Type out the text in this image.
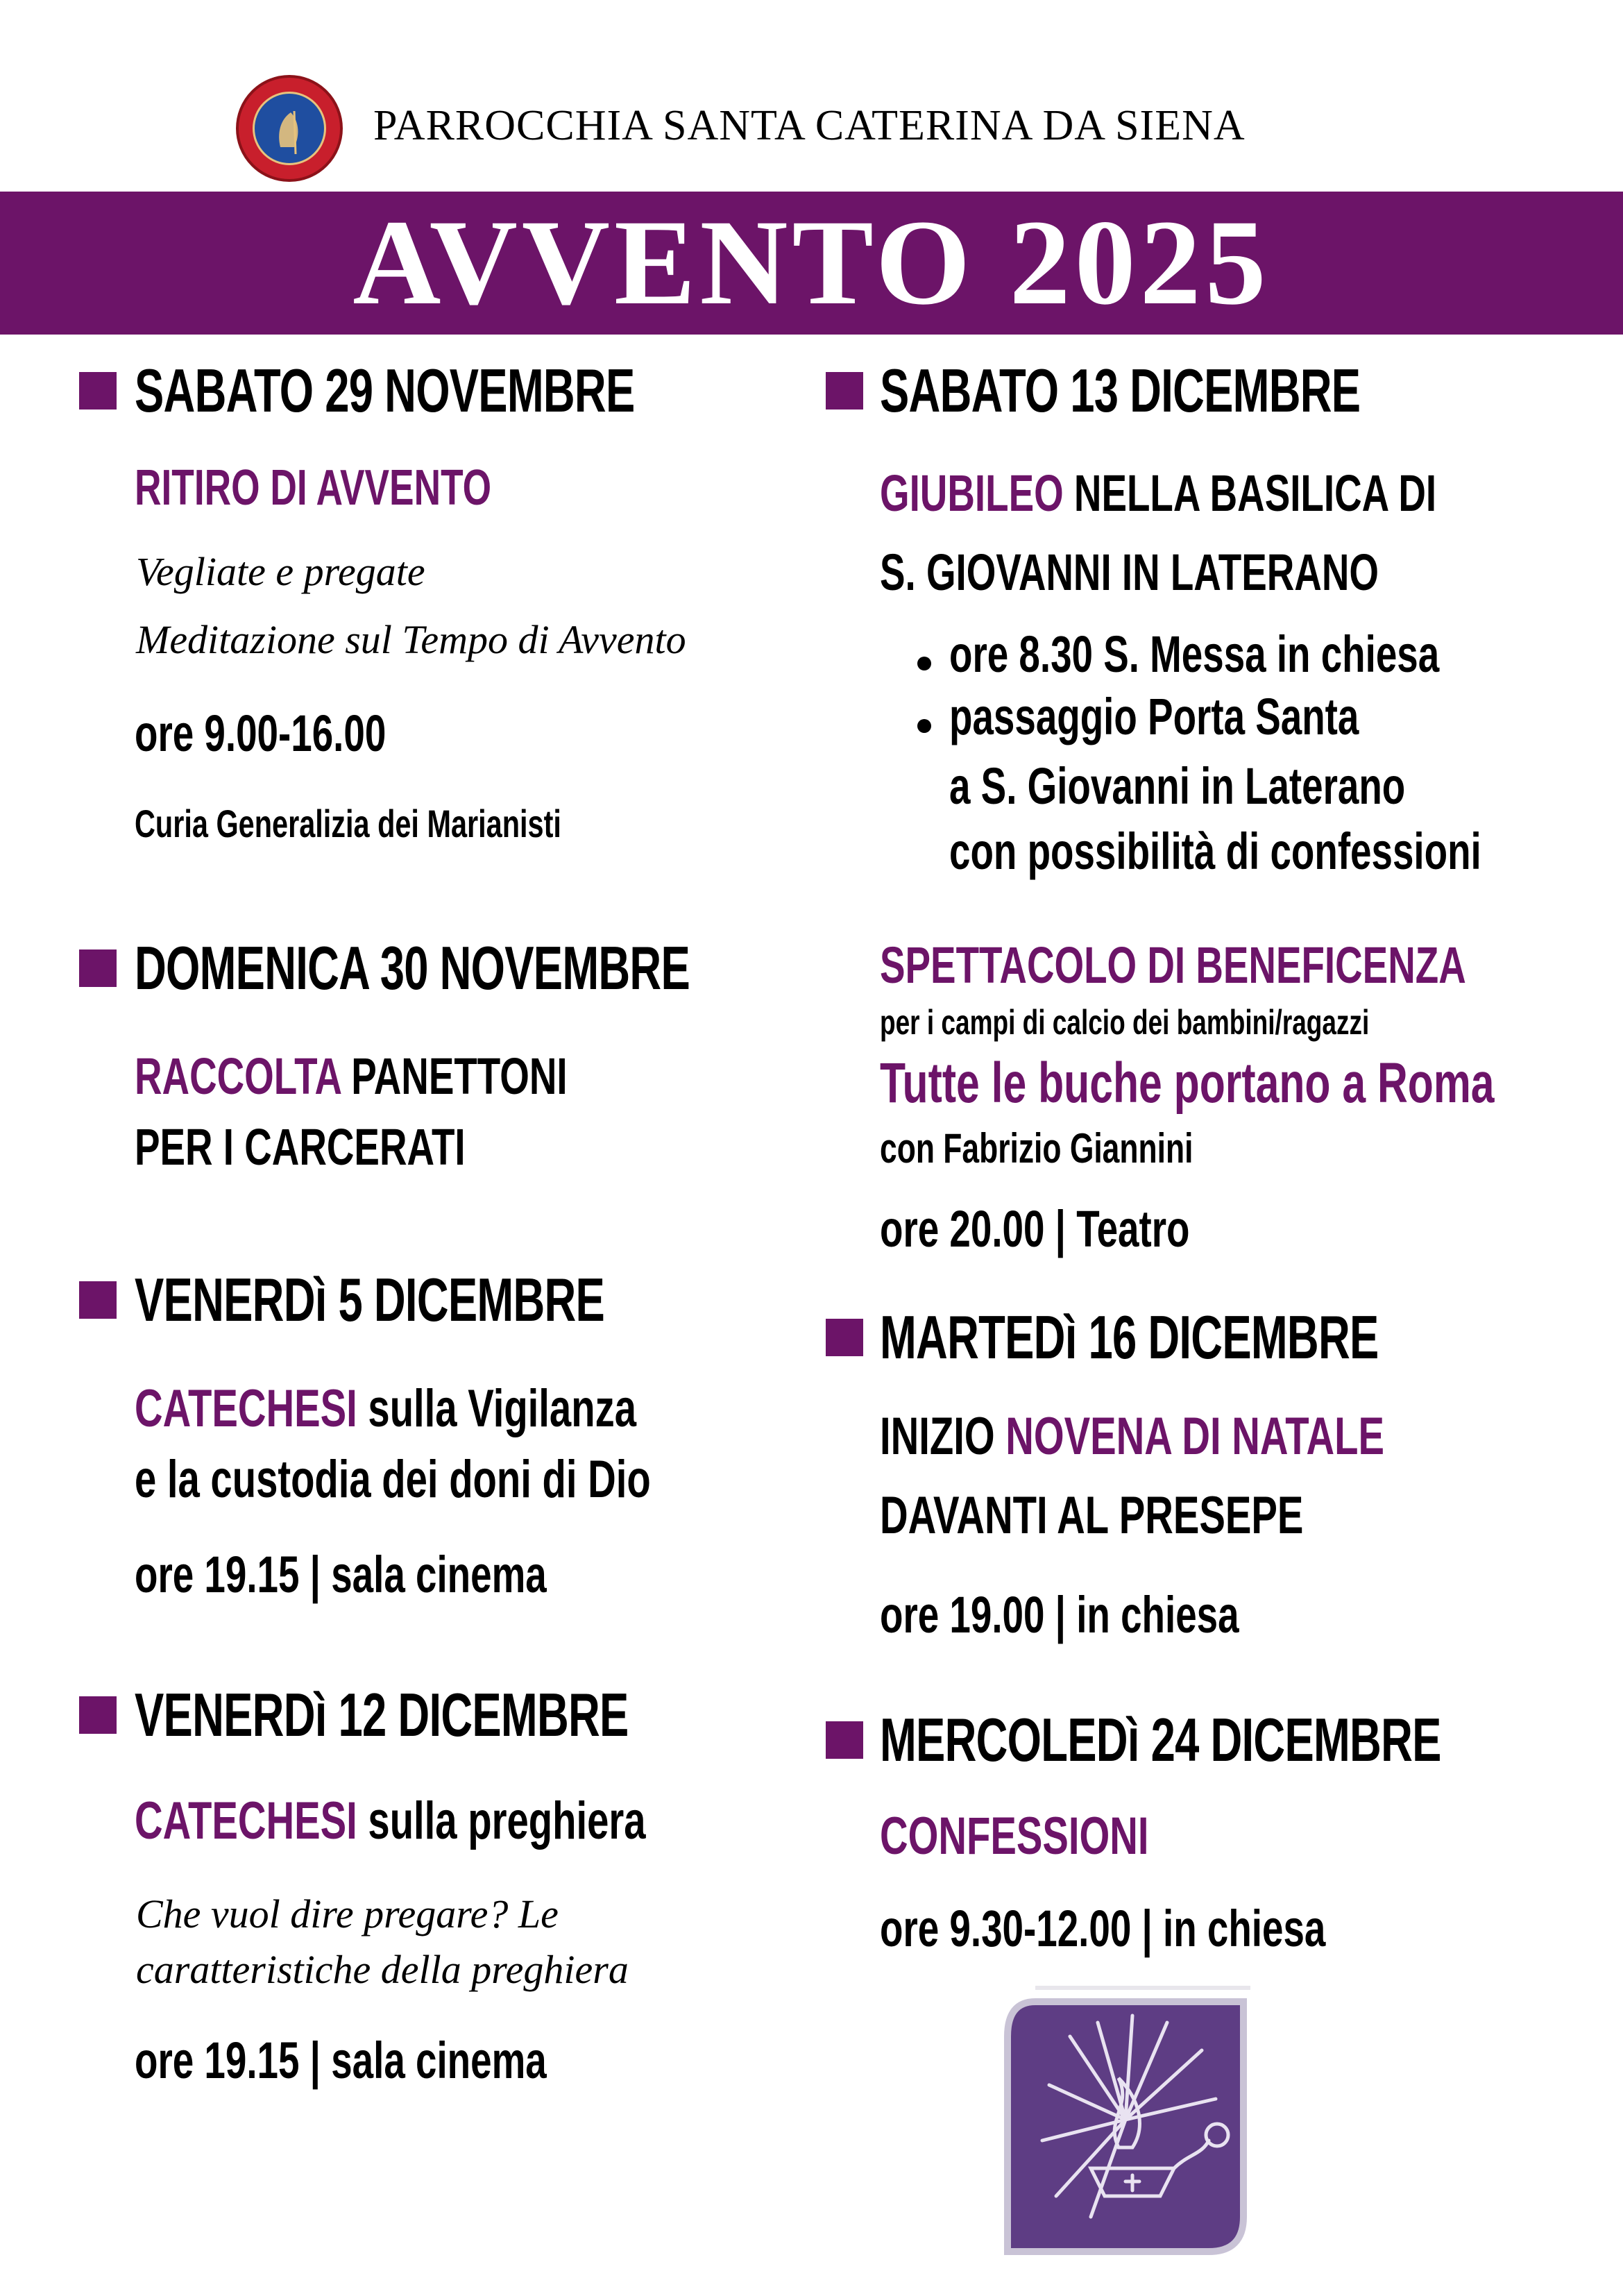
PARROCCHIA SANTA CATERINA DA SIENA
AVVENTO 2025
SABATO 29 NOVEMBRE
RITIRO DI AVVENTO
Vegliate e pregate
Meditazione sul Tempo di Avvento
ore 9.00-16.00
Curia Generalizia dei Marianisti
DOMENICA 30 NOVEMBRE
RACCOLTA PANETTONI
PER I CARCERATI
VENERDì 5 DICEMBRE
CATECHESI sulla Vigilanza
e la custodia dei doni di Dio
ore 19.15 | sala cinema
VENERDì 12 DICEMBRE
CATECHESI sulla preghiera
Che vuol dire pregare? Le
caratteristiche della preghiera
ore 19.15 | sala cinema
SABATO 13 DICEMBRE
GIUBILEO NELLA BASILICA DI
S. GIOVANNI IN LATERANO
ore 8.30 S. Messa in chiesa
passaggio Porta Santa
a S. Giovanni in Laterano
con possibilità di confessioni
SPETTACOLO DI BENEFICENZA
per i campi di calcio dei bambini/ragazzi
Tutte le buche portano a Roma
con Fabrizio Giannini
ore 20.00 | Teatro
MARTEDì 16 DICEMBRE
INIZIO NOVENA DI NATALE
DAVANTI AL PRESEPE
ore 19.00 | in chiesa
MERCOLEDì 24 DICEMBRE
CONFESSIONI
ore 9.30-12.00 | in chiesa
